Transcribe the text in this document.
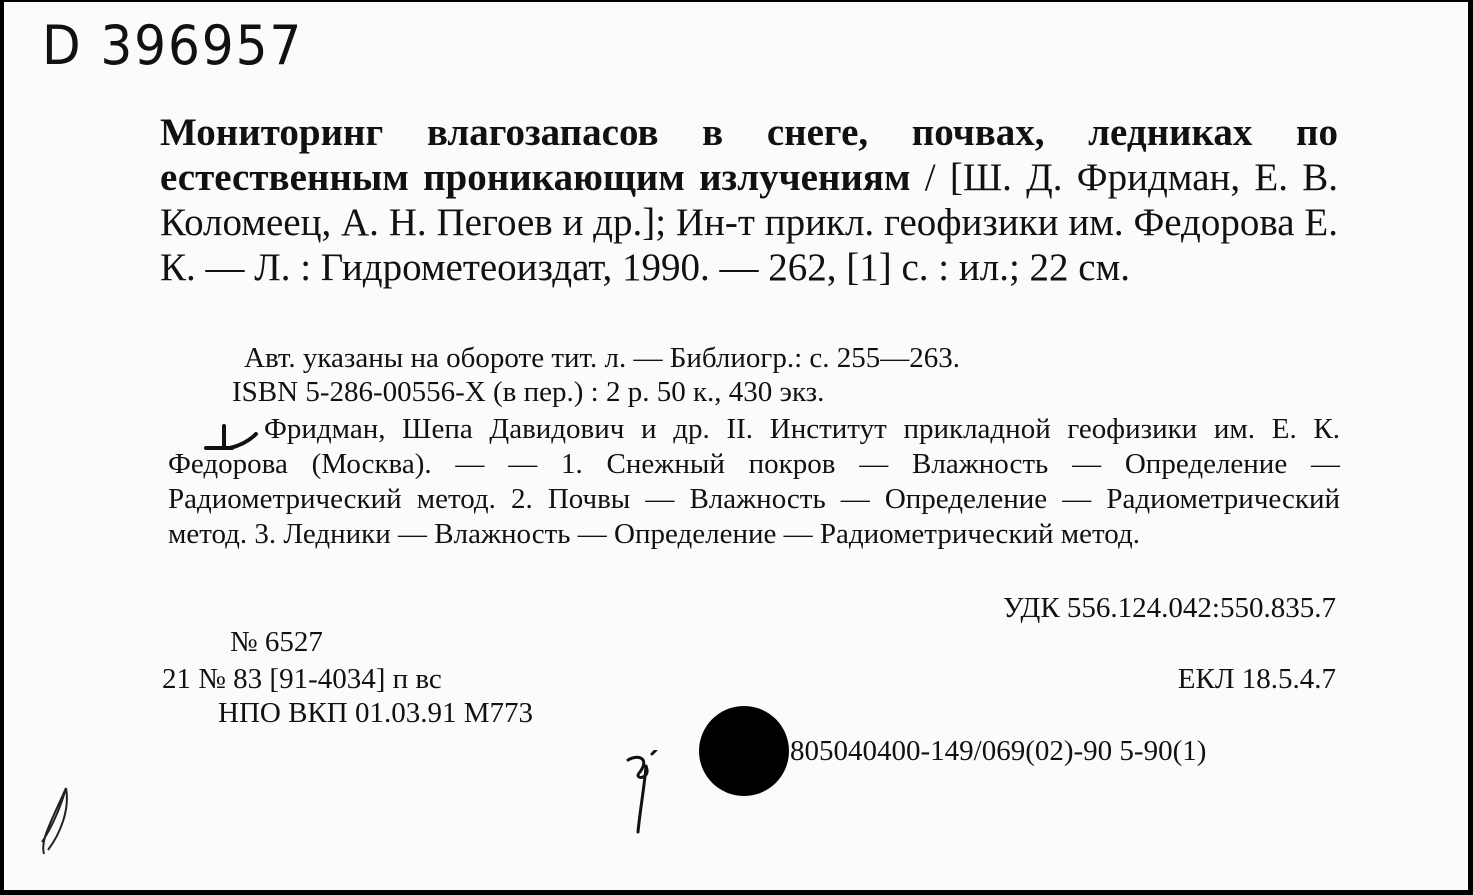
D 396957
Мониторинг влагозапасов в снеге, почвах, ледниках по естественным проникающим излучениям / [Ш. Д. Фридман, Е. В. Коломеец, А. Н. Пегоев и др.]; Ин-т прикл. геофизики им. Федорова Е. К. — Л. : Гидрометеоиздат, 1990. — 262, [1] с. : ил.; 22 см.
Авт. указаны на обороте тит. л. — Библиогр.: с. 255—263.
ISBN 5-286-00556-X (в пер.) : 2 р. 50 к., 430 экз.
Фридман, Шепа Давидович и др. II. Институт прикладной геофизики им. Е. К. Федорова (Москва). — — 1. Снежный покров — Влажность — Определение — Радиометрический метод. 2. Почвы — Влажность — Определение — Радиометрический метод. 3. Ледники — Влажность — Определение — Радиометрический метод.
УДК 556.124.042:550.835.7
№ 6527
21 № 83 [91-4034] п вс
НПО ВКП 01.03.91 М773
ЕКЛ 18.5.4.7
805040400-149/069(02)-90 5-90(1)
